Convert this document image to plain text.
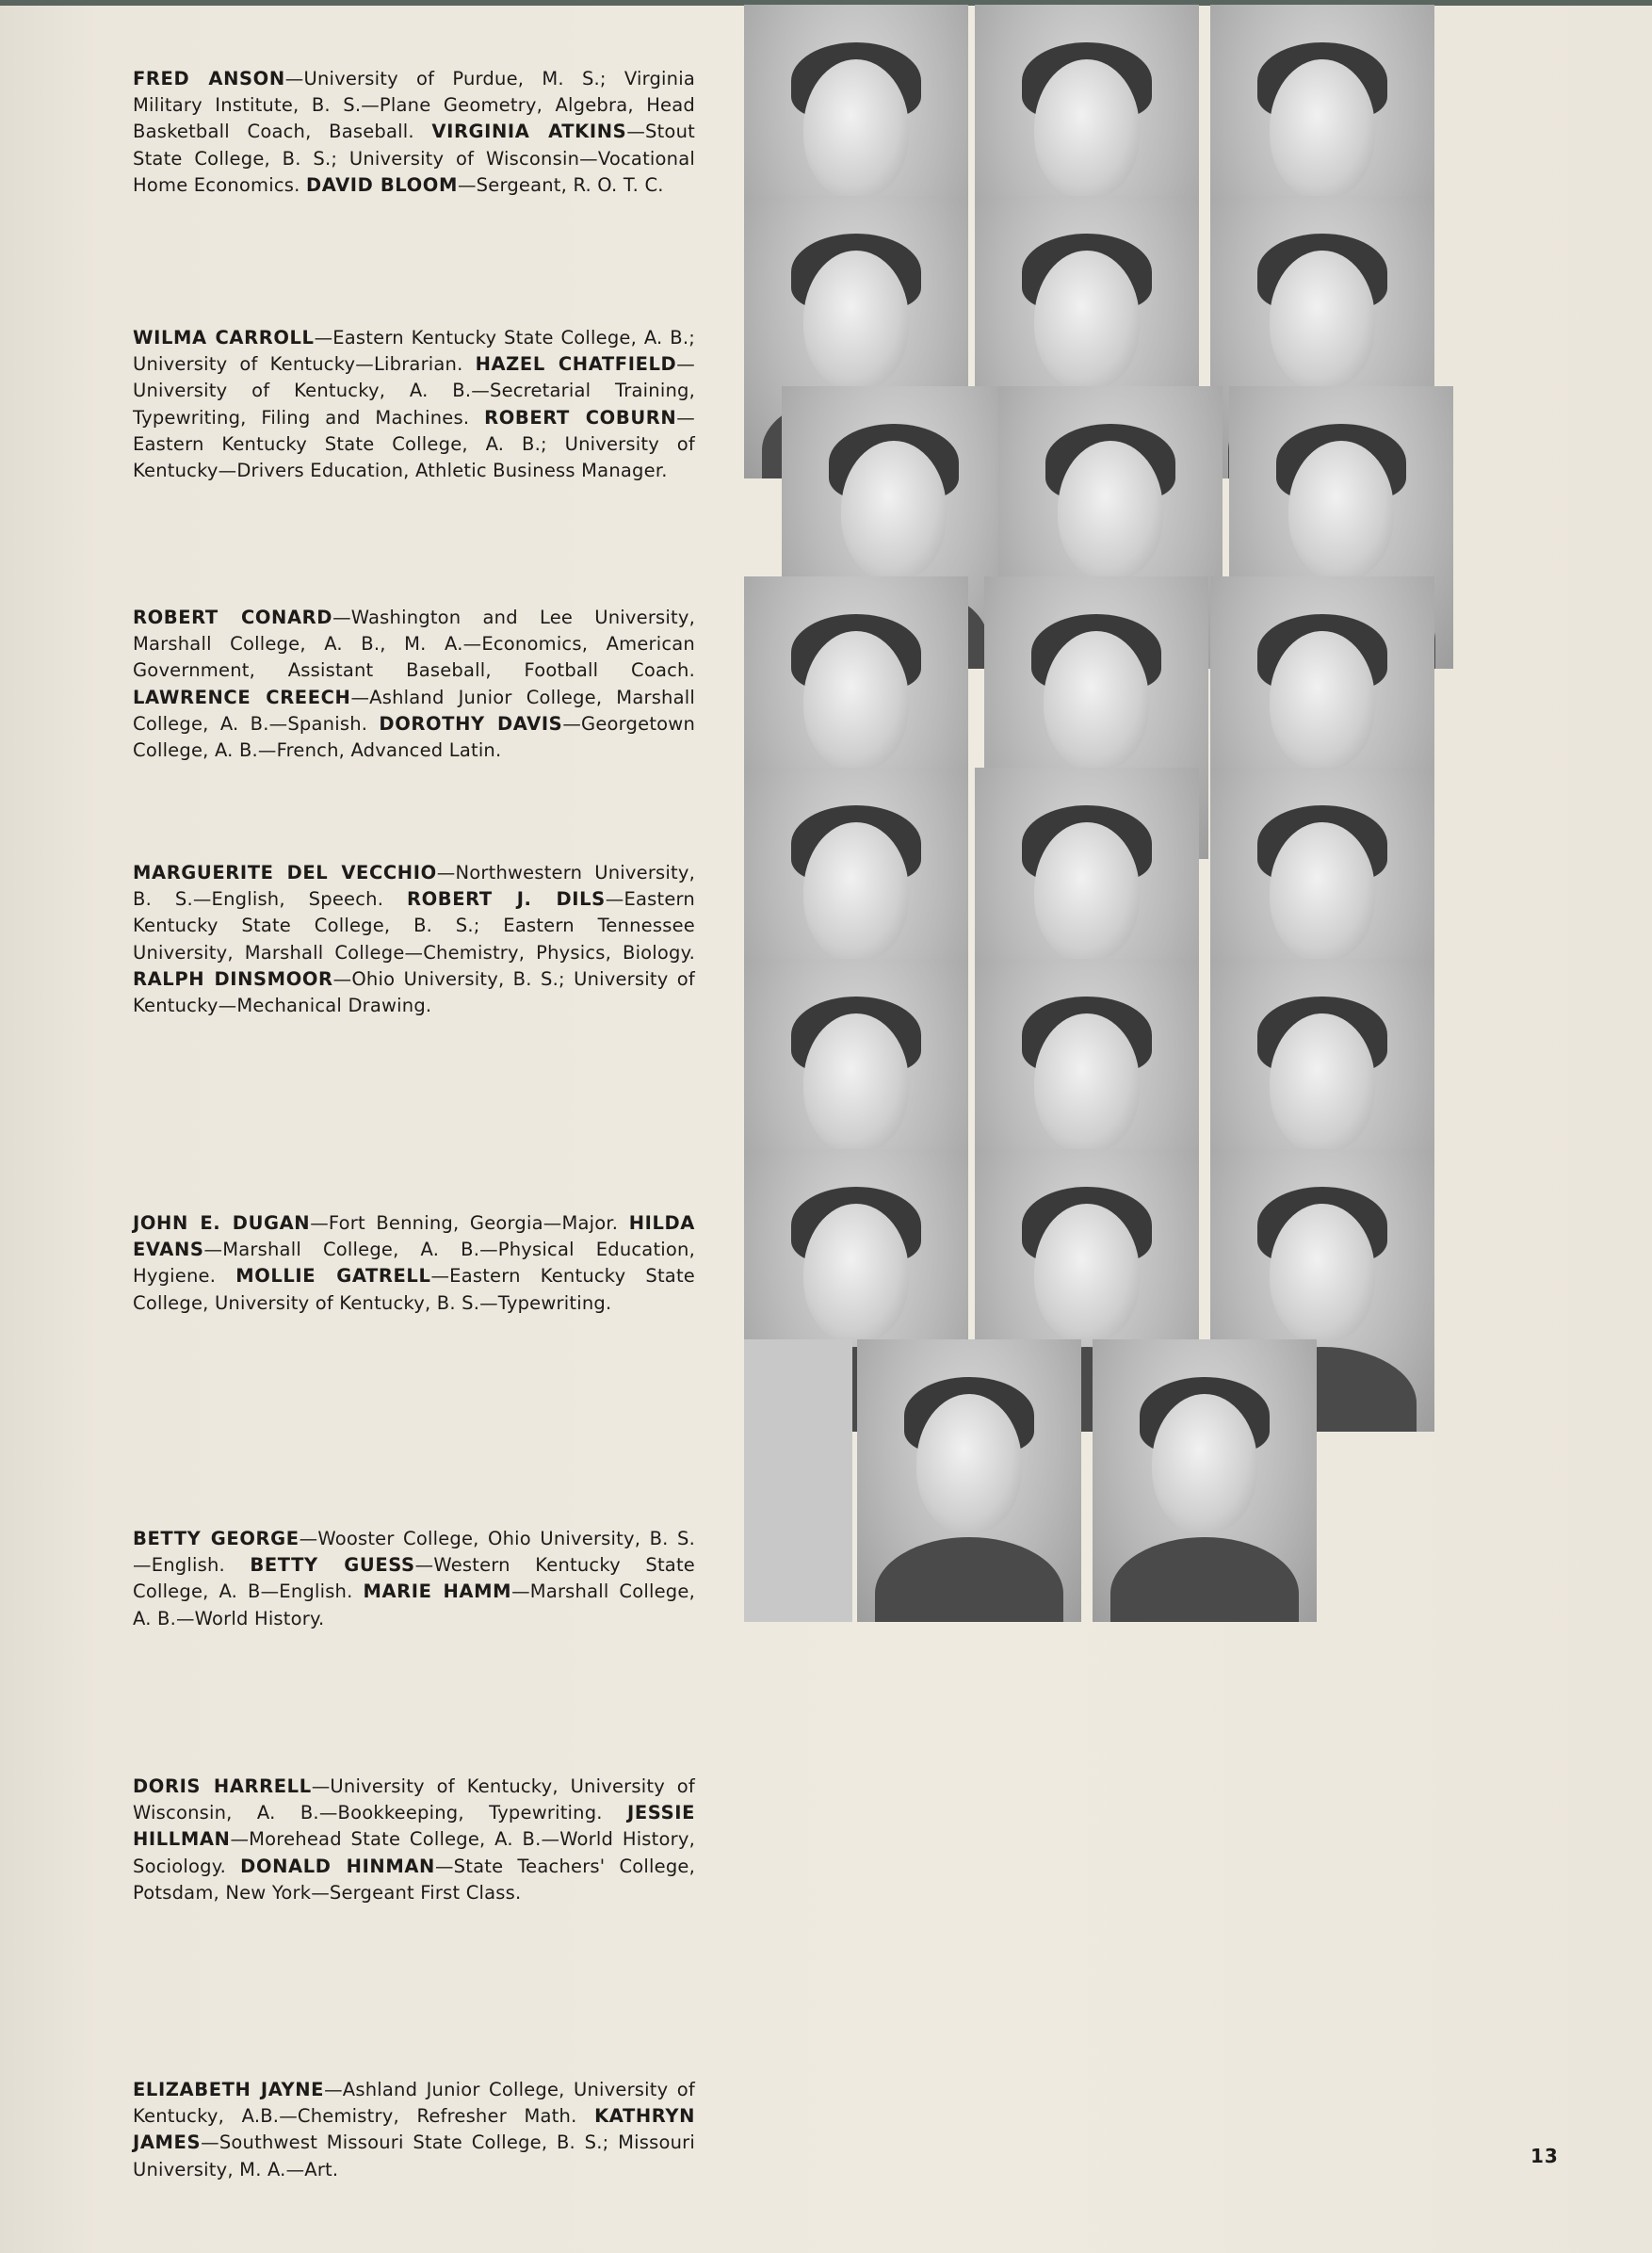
FRED ANSON—University of Purdue, M. S.; Virginia Military Institute, B. S.—Plane Geometry, Algebra, Head Basketball Coach, Baseball. VIRGINIA ATKINS—Stout State College, B. S.; University of Wisconsin—Vocational Home Economics. DAVID BLOOM—Sergeant, R. O. T. C.
WILMA CARROLL—Eastern Kentucky State College, A. B.; University of Kentucky—Librarian. HAZEL CHATFIELD—University of Kentucky, A. B.—Secretarial Training, Typewriting, Filing and Machines. ROBERT COBURN—Eastern Kentucky State College, A. B.; University of Kentucky—Drivers Education, Athletic Business Manager.
ROBERT CONARD—Washington and Lee University, Marshall College, A. B., M. A.—Economics, American Government, Assistant Baseball, Football Coach. LAWRENCE CREECH—Ashland Junior College, Marshall College, A. B.—Spanish. DOROTHY DAVIS—Georgetown College, A. B.—French, Advanced Latin.
MARGUERITE DEL VECCHIO—Northwestern University, B. S.—English, Speech. ROBERT J. DILS—Eastern Kentucky State College, B. S.; Eastern Tennessee University, Marshall College—Chemistry, Physics, Biology. RALPH DINSMOOR—Ohio University, B. S.; University of Kentucky—Mechanical Drawing.
JOHN E. DUGAN—Fort Benning, Georgia—Major. HILDA EVANS—Marshall College, A. B.—Physical Education, Hygiene. MOLLIE GATRELL—Eastern Kentucky State College, University of Kentucky, B. S.—Typewriting.
BETTY GEORGE—Wooster College, Ohio University, B. S.—English. BETTY GUESS—Western Kentucky State College, A. B—English. MARIE HAMM—Marshall College, A. B.—World History.
DORIS HARRELL—University of Kentucky, University of Wisconsin, A. B.—Bookkeeping, Typewriting. JESSIE HILLMAN—Morehead State College, A. B.—World History, Sociology. DONALD HINMAN—State Teachers' College, Potsdam, New York—Sergeant First Class.
ELIZABETH JAYNE—Ashland Junior College, University of Kentucky, A.B.—Chemistry, Refresher Math. KATHRYN JAMES—Southwest Missouri State College, B. S.; Missouri University, M. A.—Art.
13
